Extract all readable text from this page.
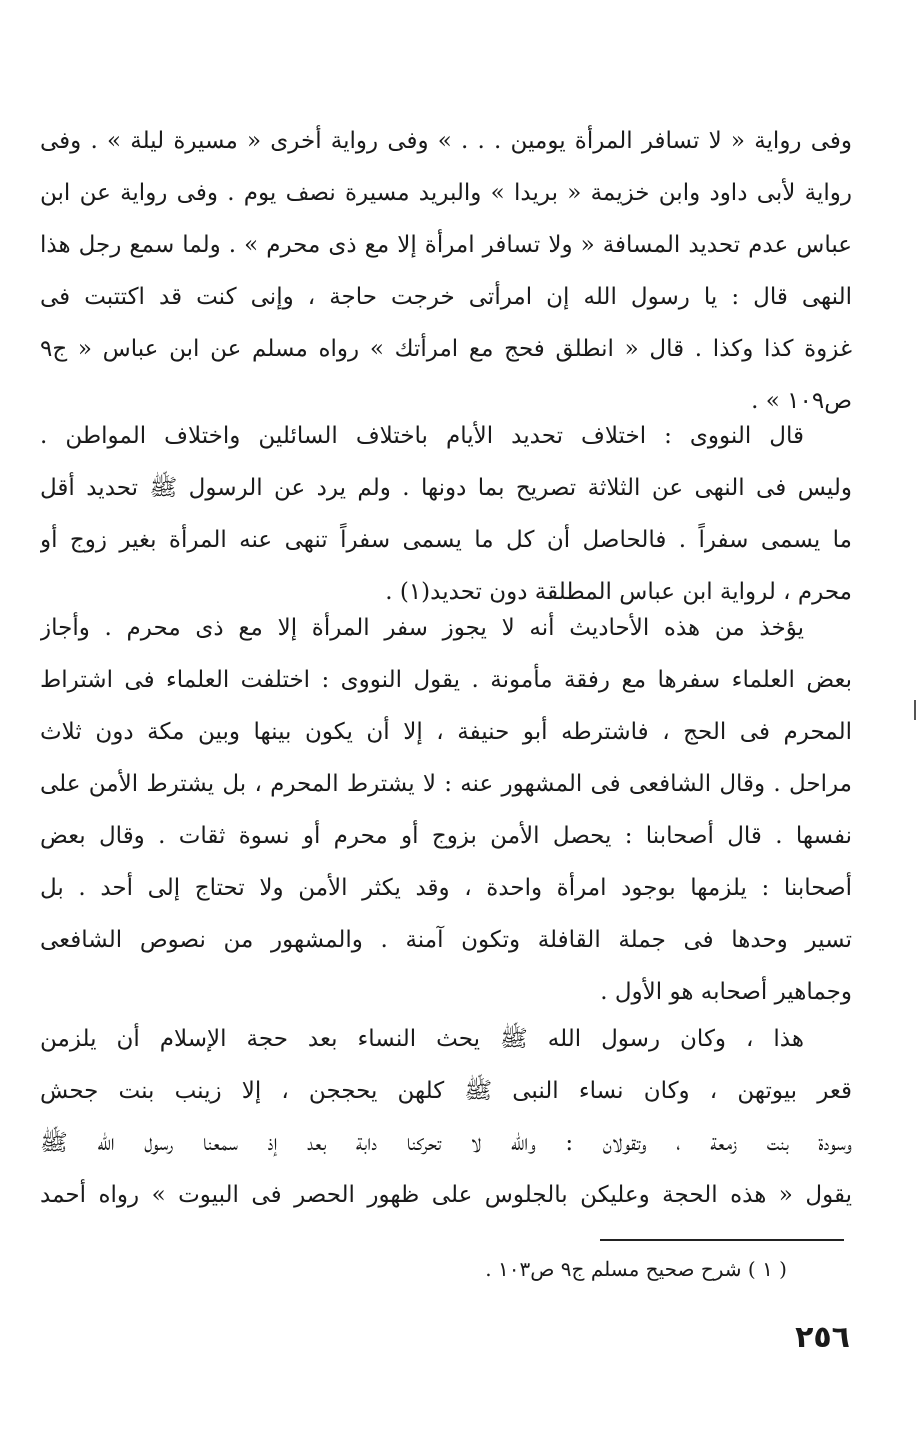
وفى رواية « لا تسافر المرأة يومين . . . » وفى رواية أخرى « مسيرة ليلة » . وفى
رواية لأبى داود وابن خزيمة « بريدا » والبريد مسيرة نصف يوم . وفى رواية عن ابن
عباس عدم تحديد المسافة « ولا تسافر امرأة إلا مع ذى محرم » . ولما سمع رجل هذا
النهى قال : يا رسول الله إن امرأتى خرجت حاجة ، وإنى كنت قد اكتتبت فى
غزوة كذا وكذا . قال « انطلق فحج مع امرأتك » رواه مسلم عن ابن عباس « ج٩
ص١٠٩ » .
قال النووى : اختلاف تحديد الأيام باختلاف السائلين واختلاف المواطن .
وليس فى النهى عن الثلاثة تصريح بما دونها . ولم يرد عن الرسول ﷺ تحديد أقل
ما يسمى سفراً . فالحاصل أن كل ما يسمى سفراً تنهى عنه المرأة بغير زوج أو
محرم ، لرواية ابن عباس المطلقة دون تحديد(١) .
يؤخذ من هذه الأحاديث أنه لا يجوز سفر المرأة إلا مع ذى محرم . وأجاز
بعض العلماء سفرها مع رفقة مأمونة . يقول النووى : اختلفت العلماء فى اشتراط
المحرم فى الحج ، فاشترطه أبو حنيفة ، إلا أن يكون بينها وبين مكة دون ثلاث
مراحل . وقال الشافعى فى المشهور عنه : لا يشترط المحرم ، بل يشترط الأمن على
نفسها . قال أصحابنا : يحصل الأمن بزوج أو محرم أو نسوة ثقات . وقال بعض
أصحابنا : يلزمها بوجود امرأة واحدة ، وقد يكثر الأمن ولا تحتاج إلى أحد . بل
تسير وحدها فى جملة القافلة وتكون آمنة . والمشهور من نصوص الشافعى
وجماهير أصحابه هو الأول .
هذا ، وكان رسول الله ﷺ يحث النساء بعد حجة الإسلام أن يلزمن
قعر بيوتهن ، وكان نساء النبى ﷺ كلهن يحججن ، إلا زينب بنت جحش
وسودة بنت زمعة ، وتقولان : والله لا تحركنا دابة بعد إذ سمعنا رسول الله ﷺ
يقول « هذه الحجة وعليكن بالجلوس على ظهور الحصر فى البيوت » رواه أحمد
( ١ ) شرح صحيح مسلم ج٩ ص١٠٣ .
٢٥٦
